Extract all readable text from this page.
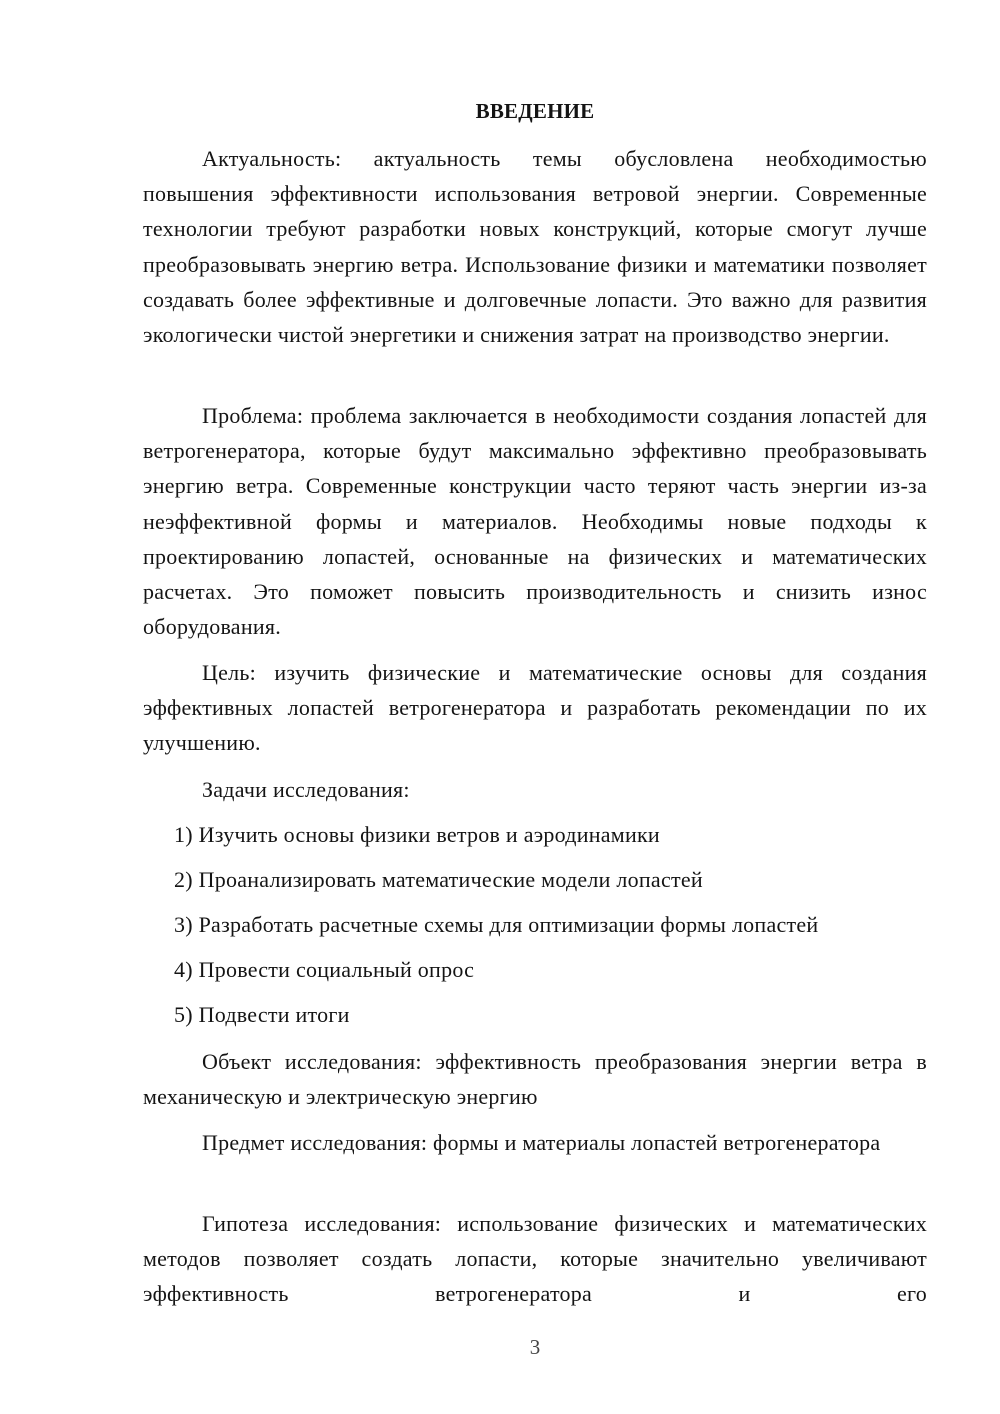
ВВЕДЕНИЕ

Актуальность: актуальность темы обусловлена необходимостью повышения эффективности использования ветровой энергии. Современные технологии требуют разработки новых конструкций, которые смогут лучше преобразовывать энергию ветра. Использование физики и математики позволяет создавать более эффективные и долговечные лопасти. Это важно для развития экологически чистой энергетики и снижения затрат на производство энергии.

Проблема: проблема заключается в необходимости создания лопастей для ветрогенератора, которые будут максимально эффективно преобразовывать энергию ветра. Современные конструкции часто теряют часть энергии из-за неэффективной формы и материалов. Необходимы новые подходы к проектированию лопастей, основанные на физических и математических расчетах. Это поможет повысить производительность и снизить износ оборудования.

Цель: изучить физические и математические основы для создания эффективных лопастей ветрогенератора и разработать рекомендации по их улучшению.

Задачи исследования:
1) Изучить основы физики ветров и аэродинамики
2) Проанализировать математические модели лопастей
3) Разработать расчетные схемы для оптимизации формы лопастей
4) Провести социальный опрос
5) Подвести итоги

Объект исследования: эффективность преобразования энергии ветра в механическую и электрическую энергию

Предмет исследования: формы и материалы лопастей ветрогенератора

Гипотеза исследования: использование физических и математических методов позволяет создать лопасти, которые значительно увеличивают эффективность ветрогенератора и его

3
